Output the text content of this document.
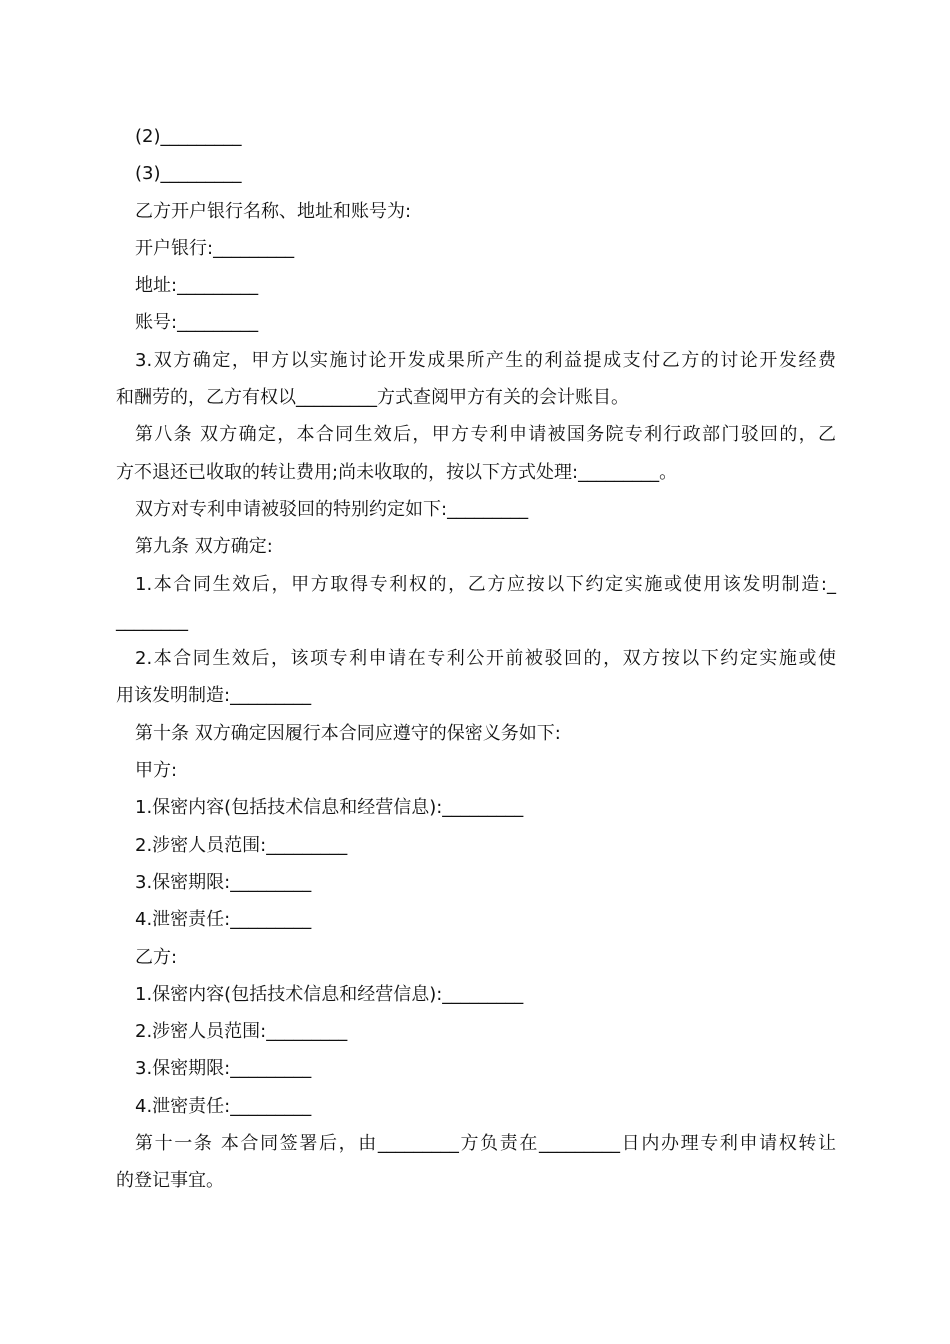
(2)_________
(3)_________
乙方开户银行名称、地址和账号为:
开户银行:_________
地址:_________
账号:_________
3.双方确定，甲方以实施讨论开发成果所产生的利益提成支付乙方的讨论开发经费
和酬劳的，乙方有权以_________方式查阅甲方有关的会计账目。
第八条 双方确定，本合同生效后，甲方专利申请被国务院专利行政部门驳回的，乙
方不退还已收取的转让费用;尚未收取的，按以下方式处理:_________。
双方对专利申请被驳回的特别约定如下:_________
第九条 双方确定:
1.本合同生效后，甲方取得专利权的，乙方应按以下约定实施或使用该发明制造:_
________
2.本合同生效后，该项专利申请在专利公开前被驳回的，双方按以下约定实施或使
用该发明制造:_________
第十条 双方确定因履行本合同应遵守的保密义务如下:
甲方:
1.保密内容(包括技术信息和经营信息):_________
2.涉密人员范围:_________
3.保密期限:_________
4.泄密责任:_________
乙方:
1.保密内容(包括技术信息和经营信息):_________
2.涉密人员范围:_________
3.保密期限:_________
4.泄密责任:_________
第十一条 本合同签署后，由_________方负责在_________日内办理专利申请权转让
的登记事宜。
